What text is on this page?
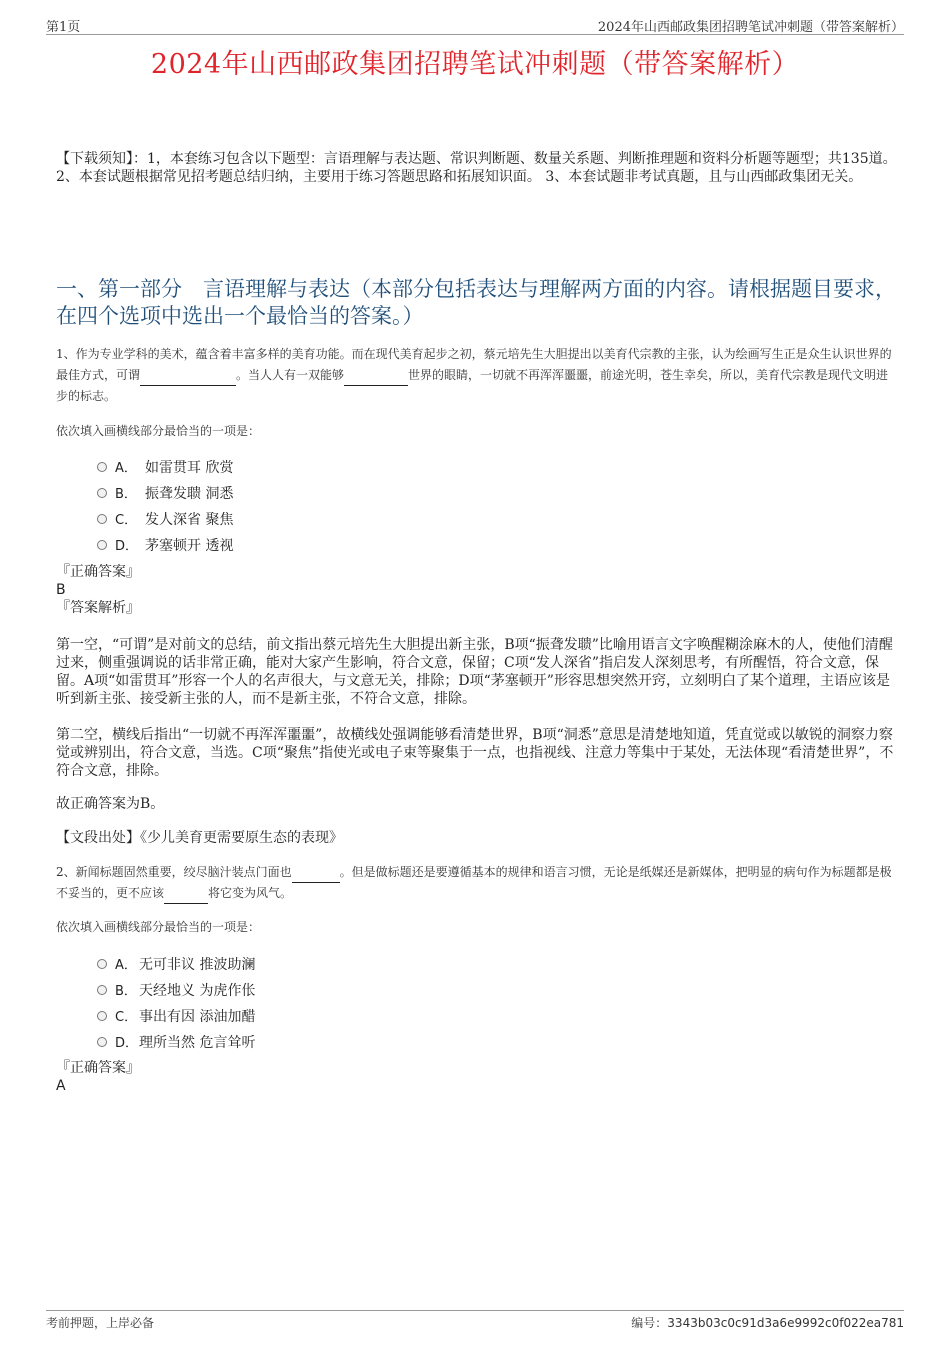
第1页	2024年山西邮政集团招聘笔试冲刺题（带答案解析）
2024年山西邮政集团招聘笔试冲刺题（带答案解析）

【下载须知】：1，本套练习包含以下题型：言语理解与表达题、常识判断题、数量关系题、判断推理题和资料分析题等题型；共135道。 2、本套试题根据常见招考题总结归纳，主要用于练习答题思路和拓展知识面。 3、本套试题非考试真题，且与山西邮政集团无关。

一、第一部分　言语理解与表达（本部分包括表达与理解两方面的内容。请根据题目要求，在四个选项中选出一个最恰当的答案。）

1、作为专业学科的美术，蕴含着丰富多样的美育功能。而在现代美育起步之初，蔡元培先生大胆提出以美育代宗教的主张，认为绘画写生正是众生认识世界的最佳方式，可谓	。当人人有一双能够	世界的眼睛，一切就不再浑浑噩噩，前途光明，苍生幸矣，所以，美育代宗教是现代文明进步的标志。

依次填入画横线部分最恰当的一项是：

A． 如雷贯耳 欣赏
B． 振聋发聩 洞悉
C． 发人深省 聚焦
D． 茅塞顿开 透视

『正确答案』

B

『答案解析』

第一空，“可谓”是对前文的总结，前文指出蔡元培先生大胆提出新主张，B项“振聋发聩”比喻用语言文字唤醒糊涂麻木的人，使他们清醒过来，侧重强调说的话非常正确，能对大家产生影响，符合文意，保留；C项“发人深省”指启发人深刻思考，有所醒悟，符合文意，保留。A项“如雷贯耳”形容一个人的名声很大，与文意无关，排除；D项“茅塞顿开”形容思想突然开窍，立刻明白了某个道理，主语应该是听到新主张、接受新主张的人，而不是新主张，不符合文意，排除。

第二空，横线后指出“一切就不再浑浑噩噩”，故横线处强调能够看清楚世界，B项“洞悉”意思是清楚地知道，凭直觉或以敏锐的洞察力察觉或辨别出，符合文意，当选。C项“聚焦”指使光或电子束等聚集于一点，也指视线、注意力等集中于某处，无法体现“看清楚世界”，不符合文意，排除。

故正确答案为B。

【文段出处】《少儿美育更需要原生态的表现》

2、新闻标题固然重要，绞尽脑汁装点门面也	。但是做标题还是要遵循基本的规律和语言习惯，无论是纸媒还是新媒体，把明显的病句作为标题都是极不妥当的，更不应该	将它变为风气。

依次填入画横线部分最恰当的一项是：

A． 无可非议 推波助澜
B． 天经地义 为虎作伥
C． 事出有因 添油加醋
D． 理所当然 危言耸听

『正确答案』

A

考前押题，上岸必备	编号：3343b03c0c91d3a6e9992c0f022ea781
